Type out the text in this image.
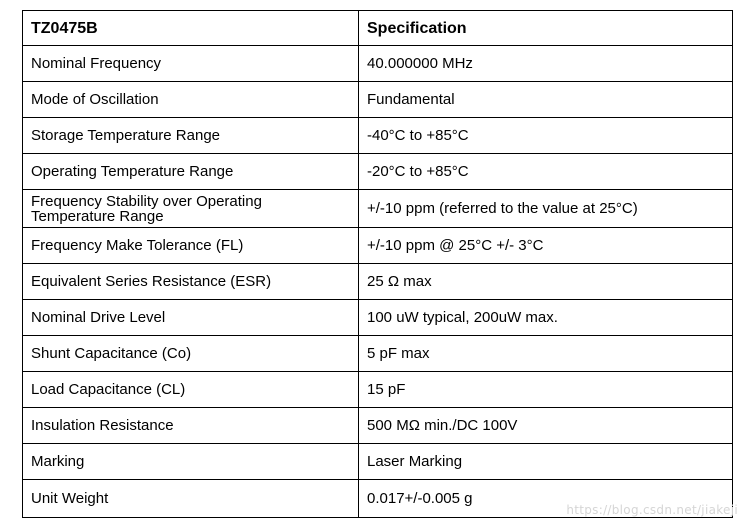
TZ0475B	Specification
Nominal Frequency	40.000000 MHz
Mode of Oscillation	Fundamental
Storage Temperature Range	-40°C to +85°C
Operating Temperature Range	-20°C to +85°C
Frequency Stability over Operating Temperature Range	+/-10 ppm (referred to the value at 25°C)
Frequency Make Tolerance (FL)	+/-10 ppm @ 25°C +/- 3°C
Equivalent Series Resistance (ESR)	25 Ω max
Nominal Drive Level	100 uW typical, 200uW max.
Shunt Capacitance (Co)	5 pF max
Load Capacitance (CL)	15 pF
Insulation Resistance	500 MΩ min./DC 100V
Marking	Laser Marking
Unit Weight	0.017+/-0.005 g
https://blog.csdn.net/jiakeji
